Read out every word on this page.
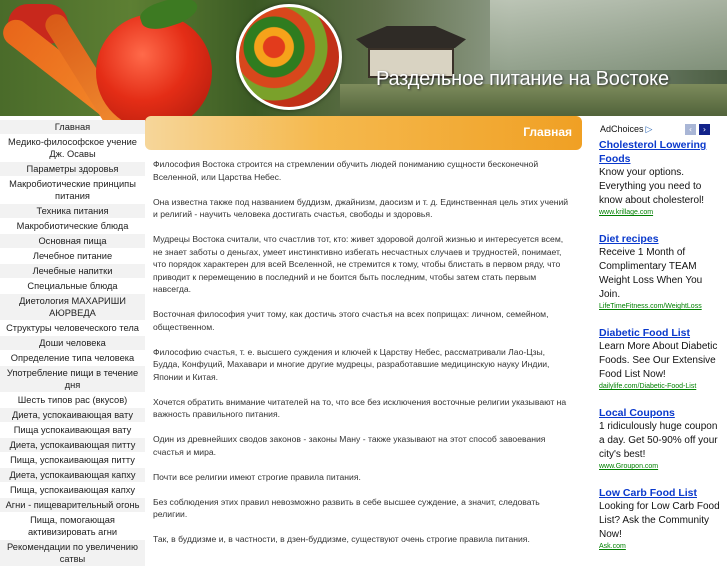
Раздельное питание на Востоке
Главная
Медико-философское учение Дж. Осавы
Параметры здоровья
Макробиотические принципы питания
Техника питания
Макробиотические блюда
Основная пища
Лечебное питание
Лечебные напитки
Специальные блюда
Диетология МАХАРИШИ АЮРВЕДА
Структуры человеческого тела
Доши человека
Определение типа человека
Употребление пищи в течение дня
Шесть типов рас (вкусов)
Диета, успокаивающая вату
Пища успокаивающая вату
Диета, успокаивающая питту
Пища, успокаивающая питту
Диета, успокаивающая капху
Пища, успокаивающая капху
Агни - пищеварительный огонь
Пища, помогающая активизировать агни
Рекомендации по увеличению сатвы
Главная

Философия Востока строится на стремлении обучить людей пониманию сущности бесконечной Вселенной, или Царства Небес.

Она известна также под названием буддизм, джайнизм, даосизм и т. д. Единственная цель этих учений и религий - научить человека достигать счастья, свободы и здоровья.

Мудрецы Востока считали, что счастлив тот, кто: живет здоровой долгой жизнью и интересуется всем, не знает заботы о деньгах, умеет инстинктивно избегать несчастных случаев и трудностей, понимает, что порядок характерен для всей Вселенной, не стремится к тому, чтобы блистать в первом ряду, что приводит к перемещению в последний и не боится быть последним, чтобы затем стать первым навсегда.

Восточная философия учит тому, как достичь этого счастья на всех поприщах: личном, семейном, общественном.

Философию счастья, т. е. высшего суждения и ключей к Царству Небес, рассматривали Лао-Цзы, Будда, Конфуций, Махавари и многие другие мудрецы, разработавшие медицинскую науку Индии, Японии и Китая.

Хочется обратить внимание читателей на то, что все без исключения восточные религии указывают на важность правильного питания.

Один из древнейших сводов законов - законы Ману - также указывают на этот способ завоевания счастья и мира.

Почти все религии имеют строгие правила питания.

Без соблюдения этих правил невозможно развить в себе высшее суждение, а значит, следовать религии.

Так, в буддизме и, в частности, в дзен-буддизме, существуют очень строгие правила питания.

AdChoices ▷	‹	›
Cholesterol Lowering Foods
Know your options. Everything you need to know about cholesterol!
www.krillage.com
Diet recipes
Receive 1 Month of Complimentary TEAM Weight Loss When You Join.
LifeTimeFitness.com/WeightLoss
Diabetic Food List
Learn More About Diabetic Foods. See Our Extensive Food List Now!
dailylife.com/Diabetic-Food-List
Local Coupons
1 ridiculously huge coupon a day. Get 50-90% off your city's best!
www.Groupon.com
Low Carb Food List
Looking for Low Carb Food List? Ask the Community Now!
Ask.com
